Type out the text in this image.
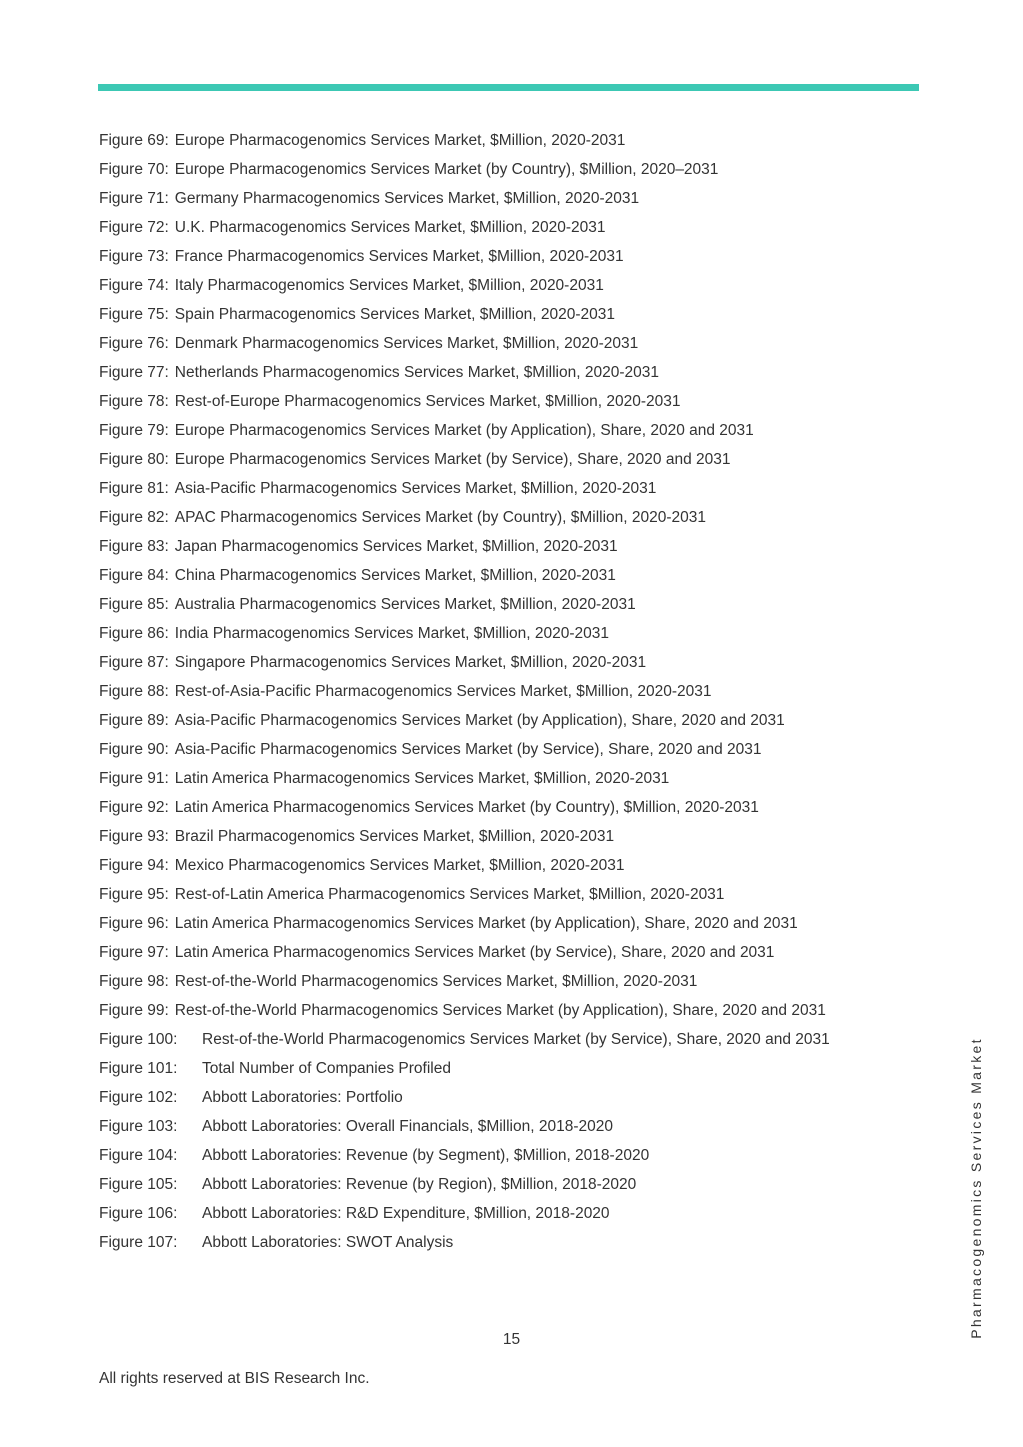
Figure 69: Europe Pharmacogenomics Services Market, $Million, 2020-2031
Figure 70: Europe Pharmacogenomics Services Market (by Country), $Million, 2020–2031
Figure 71: Germany Pharmacogenomics Services Market, $Million, 2020-2031
Figure 72: U.K. Pharmacogenomics Services Market, $Million, 2020-2031
Figure 73: France Pharmacogenomics Services Market, $Million, 2020-2031
Figure 74: Italy Pharmacogenomics Services Market, $Million, 2020-2031
Figure 75: Spain Pharmacogenomics Services Market, $Million, 2020-2031
Figure 76: Denmark Pharmacogenomics Services Market, $Million, 2020-2031
Figure 77: Netherlands Pharmacogenomics Services Market, $Million, 2020-2031
Figure 78: Rest-of-Europe Pharmacogenomics Services Market, $Million, 2020-2031
Figure 79: Europe Pharmacogenomics Services Market (by Application), Share, 2020 and 2031
Figure 80: Europe Pharmacogenomics Services Market (by Service), Share, 2020 and 2031
Figure 81: Asia-Pacific Pharmacogenomics Services Market, $Million, 2020-2031
Figure 82: APAC Pharmacogenomics Services Market (by Country), $Million, 2020-2031
Figure 83: Japan Pharmacogenomics Services Market, $Million, 2020-2031
Figure 84: China Pharmacogenomics Services Market, $Million, 2020-2031
Figure 85: Australia Pharmacogenomics Services Market, $Million, 2020-2031
Figure 86: India Pharmacogenomics Services Market, $Million, 2020-2031
Figure 87: Singapore Pharmacogenomics Services Market, $Million, 2020-2031
Figure 88: Rest-of-Asia-Pacific Pharmacogenomics Services Market, $Million, 2020-2031
Figure 89: Asia-Pacific Pharmacogenomics Services Market (by Application), Share, 2020 and 2031
Figure 90: Asia-Pacific Pharmacogenomics Services Market (by Service), Share, 2020 and 2031
Figure 91: Latin America Pharmacogenomics Services Market, $Million, 2020-2031
Figure 92: Latin America Pharmacogenomics Services Market (by Country), $Million, 2020-2031
Figure 93: Brazil Pharmacogenomics Services Market, $Million, 2020-2031
Figure 94: Mexico Pharmacogenomics Services Market, $Million, 2020-2031
Figure 95: Rest-of-Latin America Pharmacogenomics Services Market, $Million, 2020-2031
Figure 96: Latin America Pharmacogenomics Services Market (by Application), Share, 2020 and 2031
Figure 97: Latin America Pharmacogenomics Services Market (by Service), Share, 2020 and 2031
Figure 98: Rest-of-the-World Pharmacogenomics Services Market, $Million, 2020-2031
Figure 99: Rest-of-the-World Pharmacogenomics Services Market (by Application), Share, 2020 and 2031
Figure 100:	Rest-of-the-World Pharmacogenomics Services Market (by Service), Share, 2020 and 2031
Figure 101:	Total Number of Companies Profiled
Figure 102:	Abbott Laboratories: Portfolio
Figure 103:	Abbott Laboratories: Overall Financials, $Million, 2018-2020
Figure 104:	Abbott Laboratories: Revenue (by Segment), $Million, 2018-2020
Figure 105:	Abbott Laboratories: Revenue (by Region), $Million, 2018-2020
Figure 106:	Abbott Laboratories: R&D Expenditure, $Million, 2018-2020
Figure 107:	Abbott Laboratories: SWOT Analysis
15
All rights reserved at BIS Research Inc.
Pharmacogenomics Services Market
